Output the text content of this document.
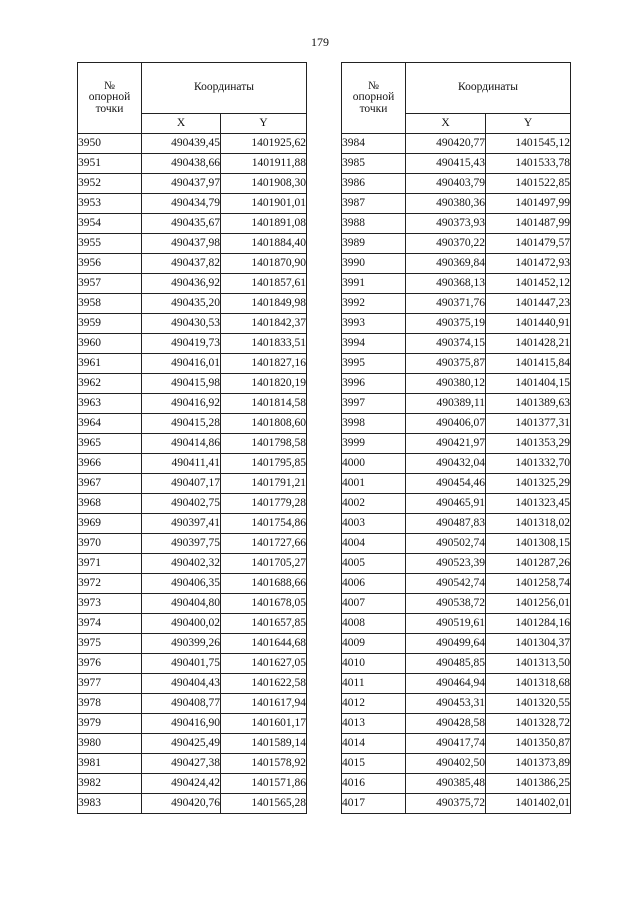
179
№
опорной
точки	Координаты	
	X	Y
3950	490439,45	1401925,62
3951	490438,66	1401911,88
3952	490437,97	1401908,30
3953	490434,79	1401901,01
3954	490435,67	1401891,08
3955	490437,98	1401884,40
3956	490437,82	1401870,90
3957	490436,92	1401857,61
3958	490435,20	1401849,98
3959	490430,53	1401842,37
3960	490419,73	1401833,51
3961	490416,01	1401827,16
3962	490415,98	1401820,19
3963	490416,92	1401814,58
3964	490415,28	1401808,60
3965	490414,86	1401798,58
3966	490411,41	1401795,85
3967	490407,17	1401791,21
3968	490402,75	1401779,28
3969	490397,41	1401754,86
3970	490397,75	1401727,66
3971	490402,32	1401705,27
3972	490406,35	1401688,66
3973	490404,80	1401678,05
3974	490400,02	1401657,85
3975	490399,26	1401644,68
3976	490401,75	1401627,05
3977	490404,43	1401622,58
3978	490408,77	1401617,94
3979	490416,90	1401601,17
3980	490425,49	1401589,14
3981	490427,38	1401578,92
3982	490424,42	1401571,86
3983	490420,76	1401565,28
№
опорной
точки	Координаты	
	X	Y
3984	490420,77	1401545,12
3985	490415,43	1401533,78
3986	490403,79	1401522,85
3987	490380,36	1401497,99
3988	490373,93	1401487,99
3989	490370,22	1401479,57
3990	490369,84	1401472,93
3991	490368,13	1401452,12
3992	490371,76	1401447,23
3993	490375,19	1401440,91
3994	490374,15	1401428,21
3995	490375,87	1401415,84
3996	490380,12	1401404,15
3997	490389,11	1401389,63
3998	490406,07	1401377,31
3999	490421,97	1401353,29
4000	490432,04	1401332,70
4001	490454,46	1401325,29
4002	490465,91	1401323,45
4003	490487,83	1401318,02
4004	490502,74	1401308,15
4005	490523,39	1401287,26
4006	490542,74	1401258,74
4007	490538,72	1401256,01
4008	490519,61	1401284,16
4009	490499,64	1401304,37
4010	490485,85	1401313,50
4011	490464,94	1401318,68
4012	490453,31	1401320,55
4013	490428,58	1401328,72
4014	490417,74	1401350,87
4015	490402,50	1401373,89
4016	490385,48	1401386,25
4017	490375,72	1401402,01
